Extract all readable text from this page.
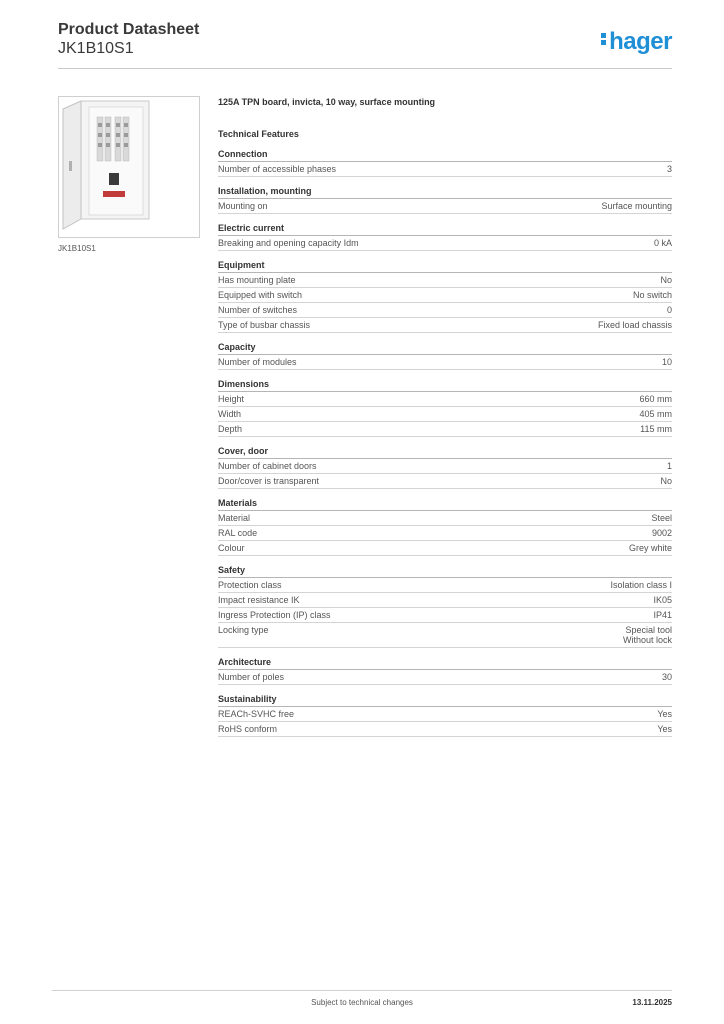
Product Datasheet
JK1B10S1	hager
JK1B10S1
125A TPN board, invicta, 10 way, surface mounting
Technical Features
Connection
Number of accessible phases	3
Installation, mounting
Mounting on	Surface mounting
Electric current
Breaking and opening capacity Idm	0 kA
Equipment
Has mounting plate	No
Equipped with switch	No switch
Number of switches	0
Type of busbar chassis	Fixed load chassis
Capacity
Number of modules	10
Dimensions
Height	660 mm
Width	405 mm
Depth	115 mm
Cover, door
Number of cabinet doors	1
Door/cover is transparent	No
Materials
Material	Steel
RAL code	9002
Colour	Grey white
Safety
Protection class	Isolation class I
Impact resistance IK	IK05
Ingress Protection (IP) class	IP41
Locking type	Special tool
Without lock
Architecture
Number of poles	30
Sustainability
REACh-SVHC free	Yes
RoHS conform	Yes
Subject to technical changes	13.11.2025
